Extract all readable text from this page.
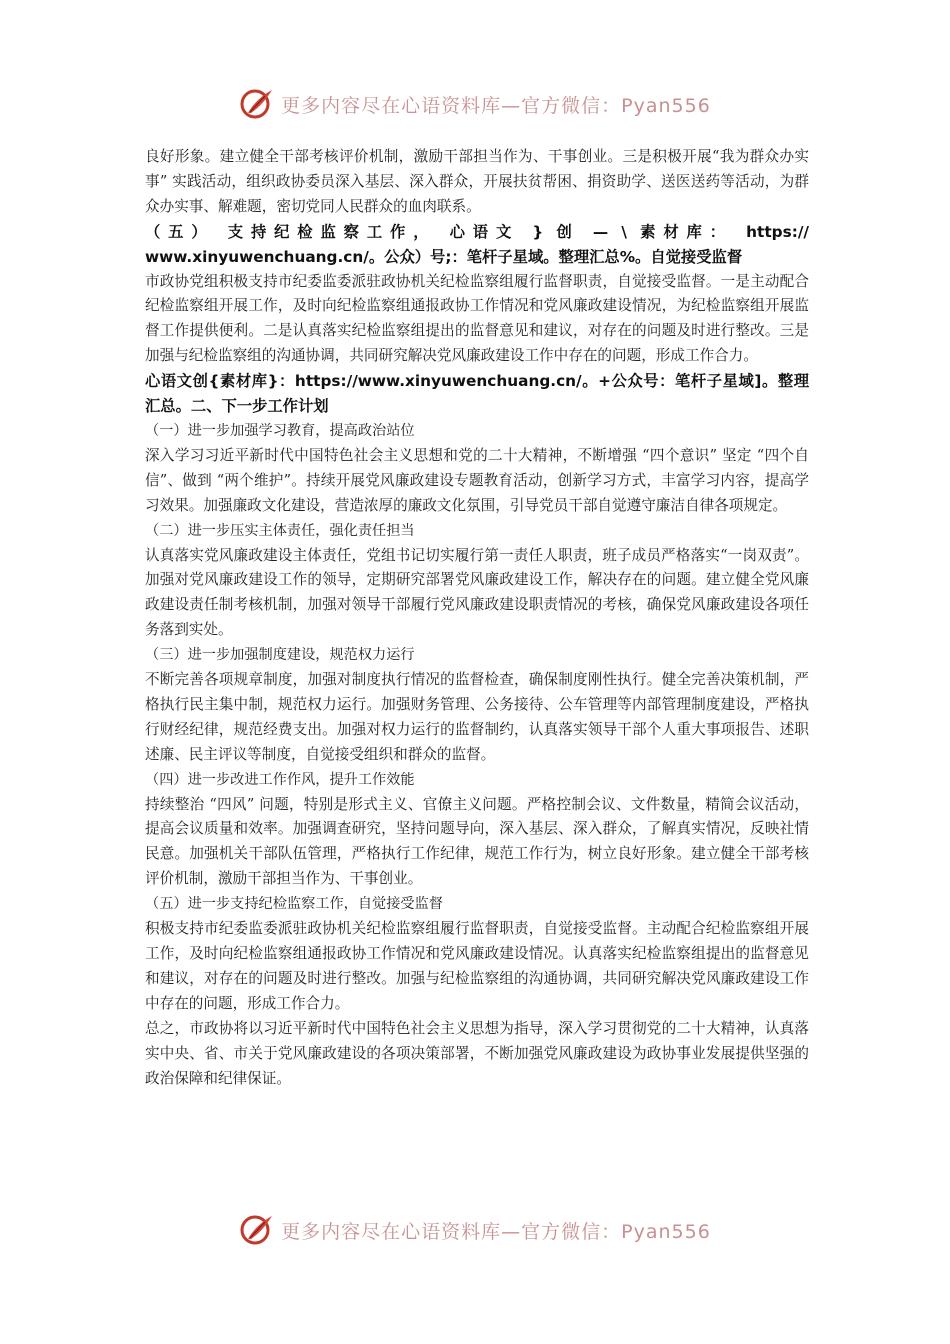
更多内容尽在心语资料库—官方微信：Pyan556

良好形象。建立健全干部考核评价机制，激励干部担当作为、干事创业。三是积极开展“我为群众办实事” 实践活动，组织政协委员深入基层、深入群众，开展扶贫帮困、捐资助学、送医送药等活动，为群众办实事、解难题，密切党同人民群众的血肉联系。

（五） 支持纪检监察工作， 心语文 } 创 — \ 素材库： https://

www.xinyuwenchuang.cn/。公众）号;：笔杆子星域。整理汇总%。自觉接受监督

市政协党组积极支持市纪委监委派驻政协机关纪检监察组履行监督职责，自觉接受监督。一是主动配合纪检监察组开展工作，及时向纪检监察组通报政协工作情况和党风廉政建设情况，为纪检监察组开展监督工作提供便利。二是认真落实纪检监察组提出的监督意见和建议，对存在的问题及时进行整改。三是加强与纪检监察组的沟通协调，共同研究解决党风廉政建设工作中存在的问题，形成工作合力。

心语文创{素材库}：https://www.xinyuwenchuang.cn/。+公众号：笔杆子星域]。整理汇总。二、下一步工作计划

（一）进一步加强学习教育，提高政治站位

深入学习习近平新时代中国特色社会主义思想和党的二十大精神，不断增强 “四个意识” 坚定 “四个自信”、做到 “两个维护”。持续开展党风廉政建设专题教育活动，创新学习方式，丰富学习内容，提高学习效果。加强廉政文化建设，营造浓厚的廉政文化氛围，引导党员干部自觉遵守廉洁自律各项规定。

（二）进一步压实主体责任，强化责任担当

认真落实党风廉政建设主体责任，党组书记切实履行第一责任人职责，班子成员严格落实“一岗双责”。加强对党风廉政建设工作的领导，定期研究部署党风廉政建设工作，解决存在的问题。建立健全党风廉政建设责任制考核机制，加强对领导干部履行党风廉政建设职责情况的考核，确保党风廉政建设各项任务落到实处。

（三）进一步加强制度建设，规范权力运行

不断完善各项规章制度，加强对制度执行情况的监督检查，确保制度刚性执行。健全完善决策机制，严格执行民主集中制，规范权力运行。加强财务管理、公务接待、公车管理等内部管理制度建设，严格执行财经纪律，规范经费支出。加强对权力运行的监督制约，认真落实领导干部个人重大事项报告、述职述廉、民主评议等制度，自觉接受组织和群众的监督。

（四）进一步改进工作作风，提升工作效能

持续整治 “四风” 问题，特别是形式主义、官僚主义问题。严格控制会议、文件数量，精简会议活动，提高会议质量和效率。加强调查研究，坚持问题导向，深入基层、深入群众，了解真实情况，反映社情民意。加强机关干部队伍管理，严格执行工作纪律，规范工作行为，树立良好形象。建立健全干部考核评价机制，激励干部担当作为、干事创业。

（五）进一步支持纪检监察工作，自觉接受监督

积极支持市纪委监委派驻政协机关纪检监察组履行监督职责，自觉接受监督。主动配合纪检监察组开展工作，及时向纪检监察组通报政协工作情况和党风廉政建设情况。认真落实纪检监察组提出的监督意见和建议，对存在的问题及时进行整改。加强与纪检监察组的沟通协调，共同研究解决党风廉政建设工作中存在的问题，形成工作合力。

总之，市政协将以习近平新时代中国特色社会主义思想为指导，深入学习贯彻党的二十大精神，认真落实中央、省、市关于党风廉政建设的各项决策部署，不断加强党风廉政建设为政协事业发展提供坚强的政治保障和纪律保证。

更多内容尽在心语资料库—官方微信：Pyan556
